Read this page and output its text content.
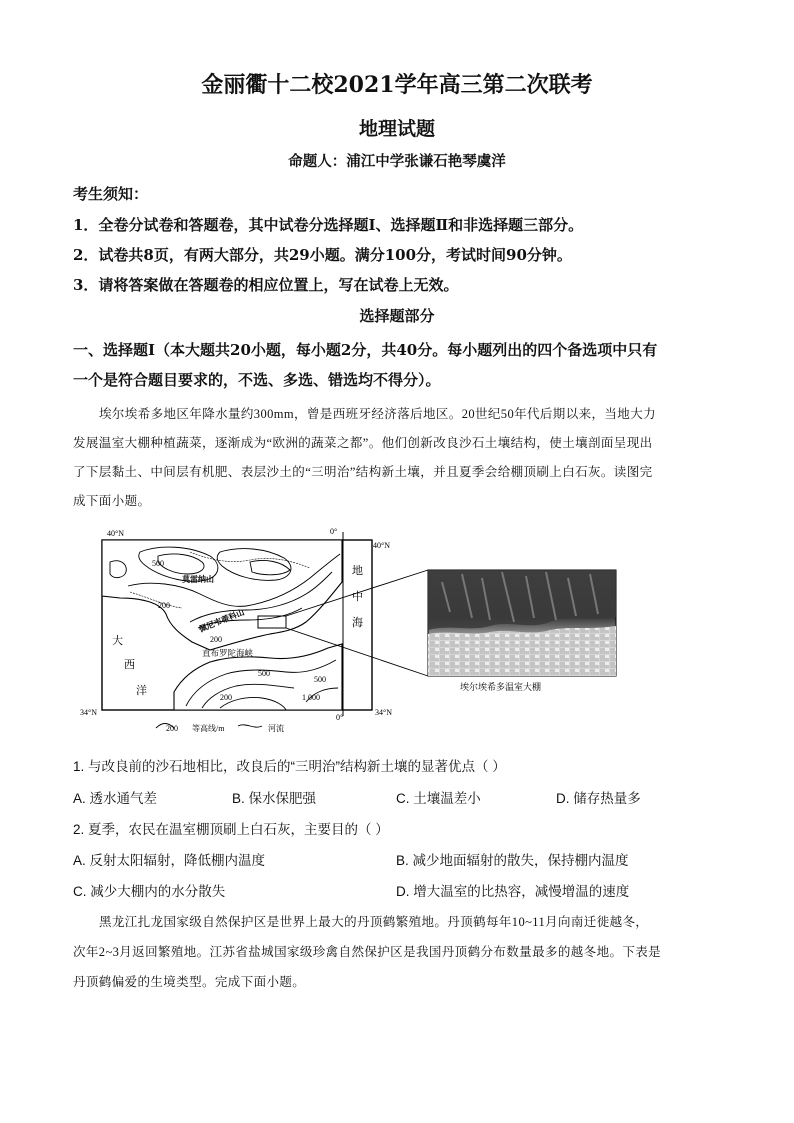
金丽衢十二校2021学年高三第二次联考
地理试题
命题人：浦江中学张谦石艳琴虞洋
考生须知：
1．全卷分试卷和答题卷，其中试卷分选择题Ⅰ、选择题Ⅱ和非选择题三部分。
2．试卷共8页，有两大部分，共29小题。满分100分，考试时间90分钟。
3．请将答案做在答题卷的相应位置上，写在试卷上无效。
选择题部分
一、选择题Ⅰ（本大题共20小题，每小题2分，共40分。每小题列出的四个备选项中只有
一个是符合题目要求的，不选、多选、错选均不得分）。
埃尔埃希多地区年降水量约300mm，曾是西班牙经济落后地区。20世纪50年代后期以来，当地大力
发展温室大棚种植蔬菜，逐渐成为“欧洲的蔬菜之都”。他们创新改良沙石土壤结构，使土壤剖面呈现出
了下层黏土、中间层有机肥、表层沙土的“三明治”结构新土壤，并且夏季会给棚顶刷上白石灰。读图完
成下面小题。
40°N
40°N
34°N	34°N
0°
0°
500
200
200
莫雷纳山
佩尼韦蒂科山
直布罗陀海峡
500
1 000
500
200
地
中
海
大
西
洋
200 等高线/m	河流
埃尔埃希多温室大棚
1. 与改良前的沙石地相比，改良后的“三明治”结构新土壤的显著优点（ ）
A. 透水通气差	B. 保水保肥强	C. 土壤温差小	D. 储存热量多
2. 夏季，农民在温室棚顶刷上白石灰，主要目的（ ）
A. 反射太阳辐射，降低棚内温度	B. 减少地面辐射的散失，保持棚内温度
C. 减少大棚内的水分散失	D. 增大温室的比热容，减慢增温的速度
黑龙江扎龙国家级自然保护区是世界上最大的丹顶鹤繁殖地。丹顶鹤每年10~11月向南迁徙越冬，
次年2~3月返回繁殖地。江苏省盐城国家级珍禽自然保护区是我国丹顶鹤分布数量最多的越冬地。下表是
丹顶鹤偏爱的生境类型。完成下面小题。
